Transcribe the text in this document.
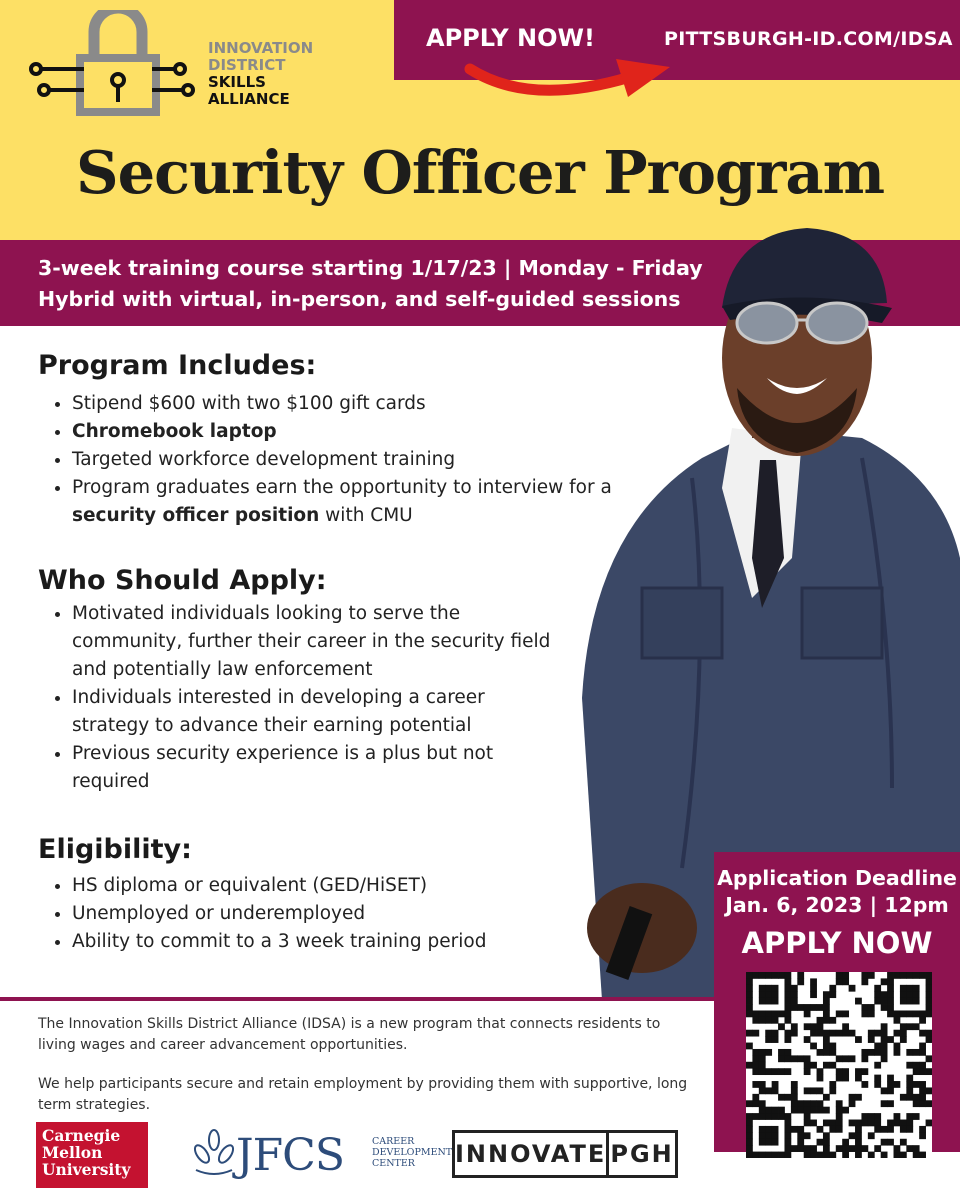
INNOVATION
DISTRICT
SKILLS
ALLIANCE
APPLY NOW!	PITTSBURGH-ID.COM/IDSA
Security Officer Program
3-week training course starting 1/17/23 | Monday - Friday
Hybrid with virtual, in-person, and self-guided sessions
Program Includes:
• Stipend $600 with two $100 gift cards
• Chromebook laptop
• Targeted workforce development training
• Program graduates earn the opportunity to interview for a security officer position with CMU
Who Should Apply:
• Motivated individuals looking to serve the community, further their career in the security field and potentially law enforcement
• Individuals interested in developing a career strategy to advance their earning potential
• Previous security experience is a plus but not required
Eligibility:
• HS diploma or equivalent (GED/HiSET)
• Unemployed or underemployed
• Ability to commit to a 3 week training period
Application Deadline
Jan. 6, 2023 | 12pm
APPLY NOW
PITTSBURGH-ID.COM/IDSA

The Innovation Skills District Alliance (IDSA) is a new program that connects residents to living wages and career advancement opportunities.

We help participants secure and retain employment by providing them with supportive, long term strategies.

Carnegie
Mellon
University	JFCS	CAREER
DEVELOPMENT
CENTER	INNOVATE PGH
